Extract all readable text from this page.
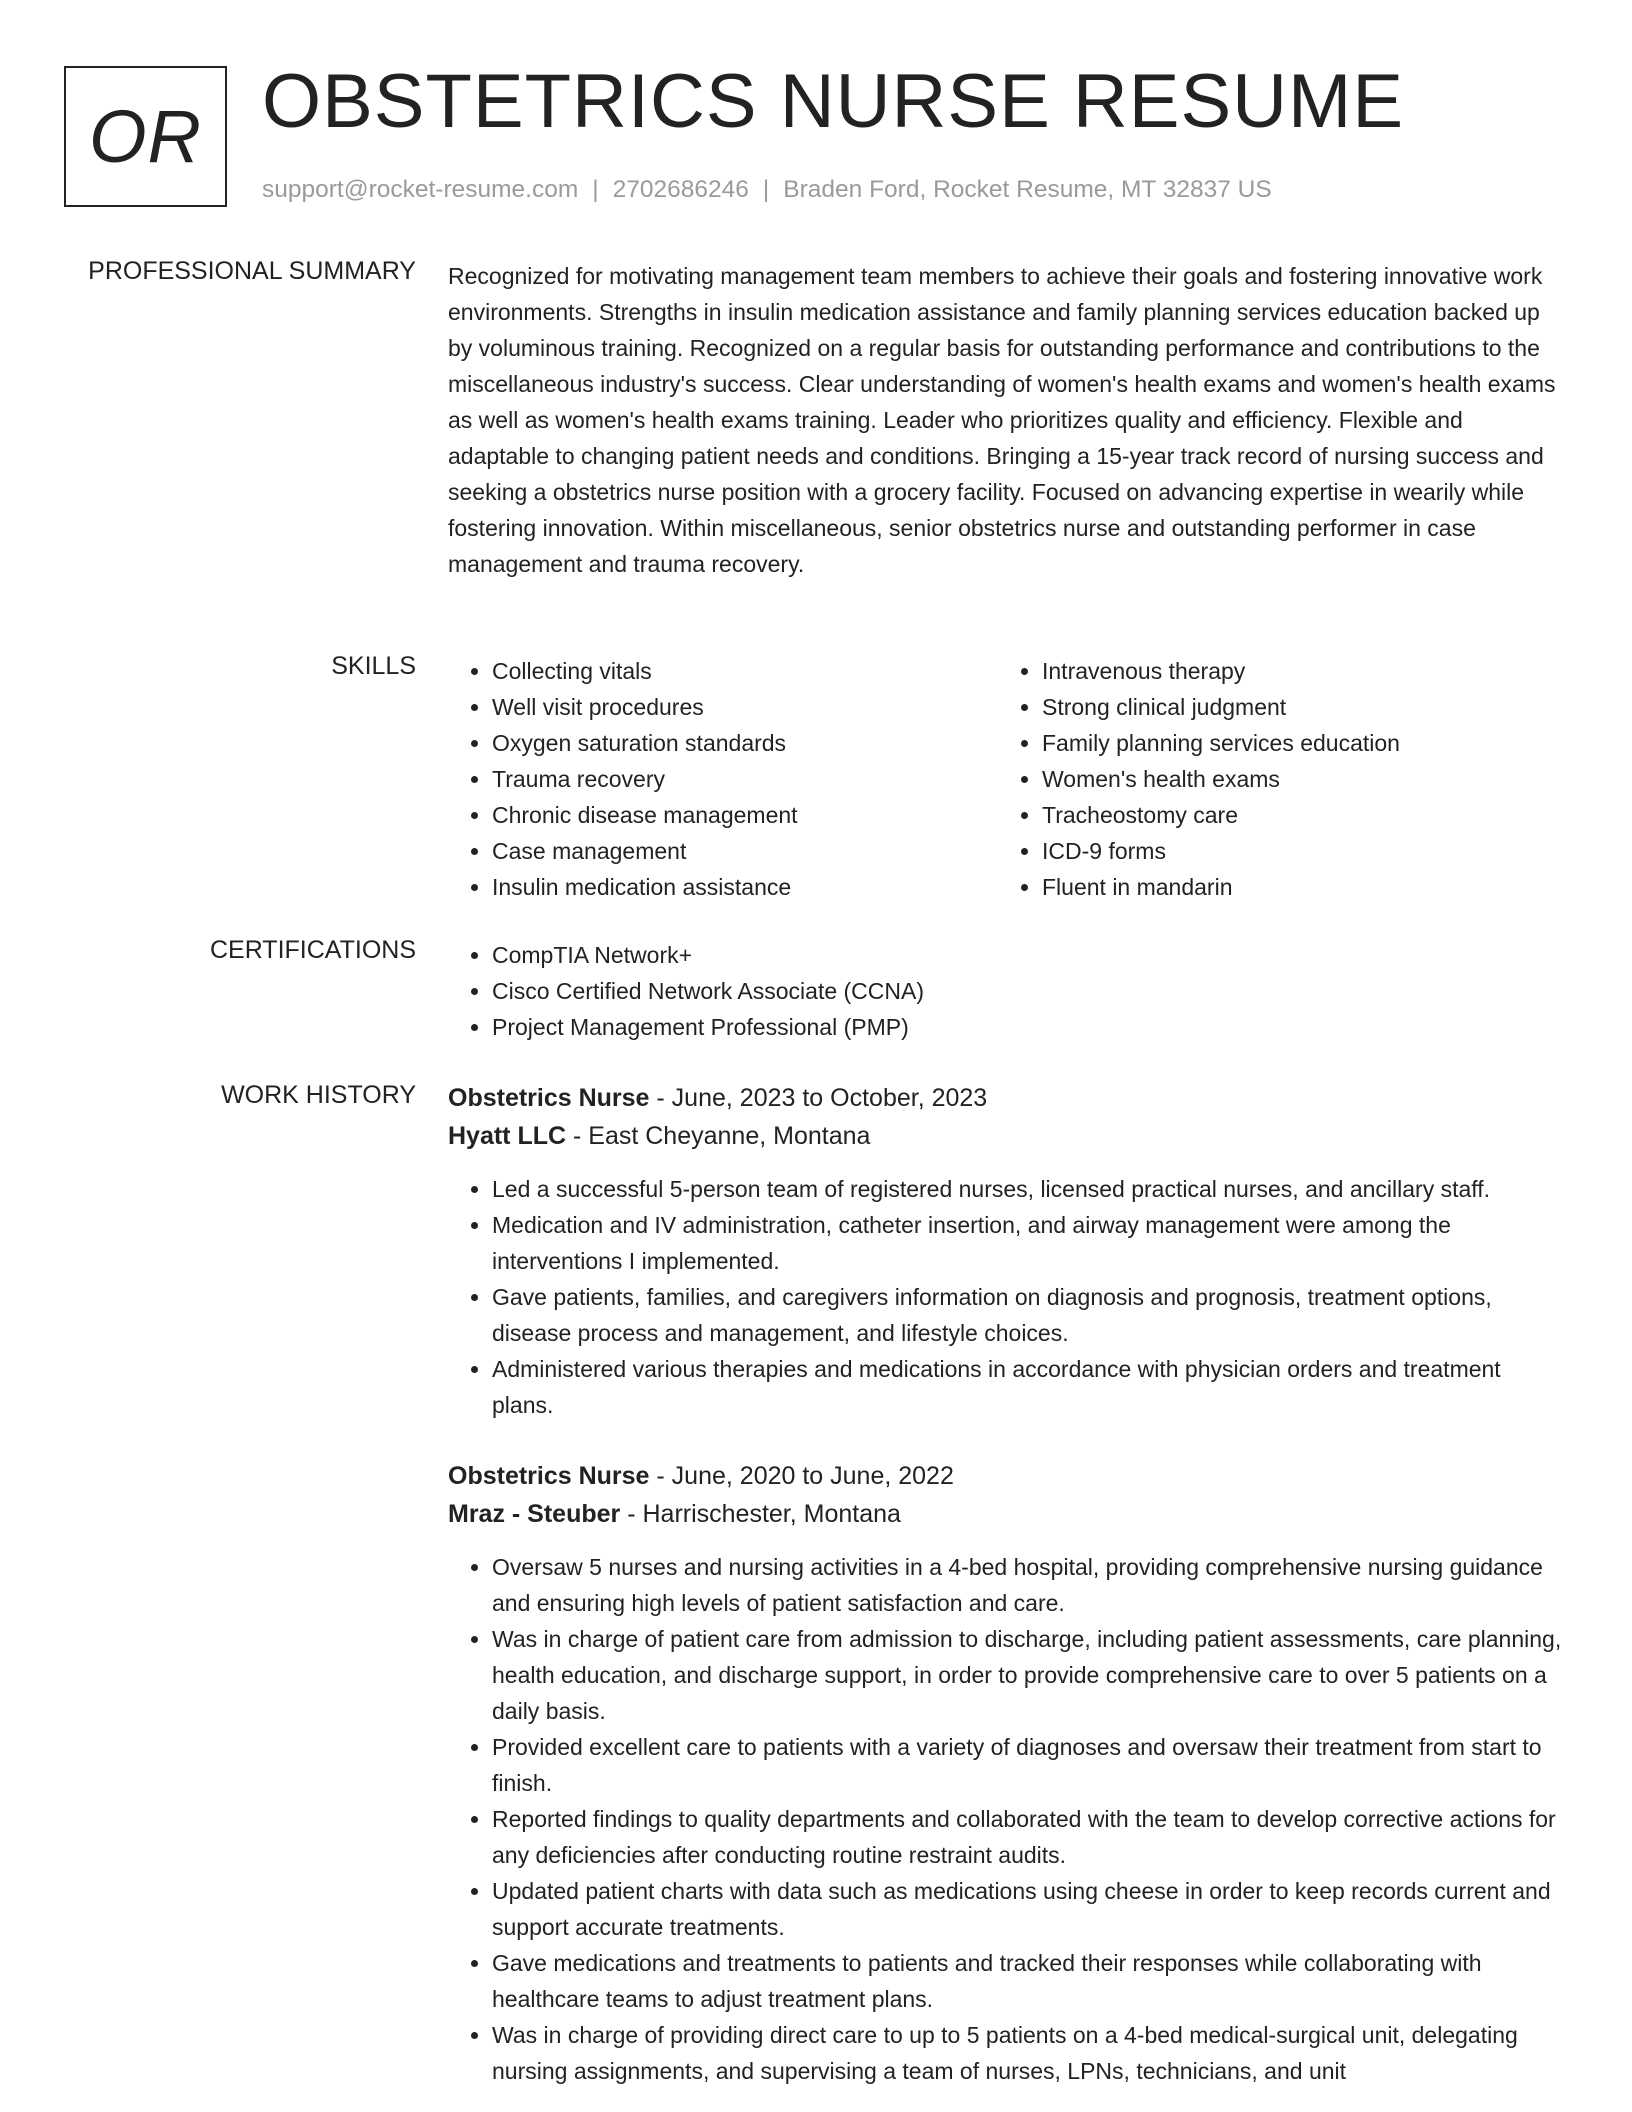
OR OBSTETRICS NURSE RESUME
support@rocket-resume.com | 2702686246 | Braden Ford, Rocket Resume, MT 32837 US
PROFESSIONAL SUMMARY Recognized for motivating management team members to achieve their goals and fostering innovative work environments. Strengths in insulin medication assistance and family planning services education backed up by voluminous training. Recognized on a regular basis for outstanding performance and contributions to the miscellaneous industry's success. Clear understanding of women's health exams and women's health exams as well as women's health exams training. Leader who prioritizes quality and efficiency. Flexible and adaptable to changing patient needs and conditions. Bringing a 15-year track record of nursing success and seeking a obstetrics nurse position with a grocery facility. Focused on advancing expertise in wearily while fostering innovation. Within miscellaneous, senior obstetrics nurse and outstanding performer in case management and trauma recovery.

SKILLS	• Collecting vitals
• Well visit procedures
• Oxygen saturation standards
• Trauma recovery
• Chronic disease management
• Case management
• Insulin medication assistance
• Intravenous therapy
• Strong clinical judgment
• Family planning services education
• Women's health exams
• Tracheostomy care
• ICD-9 forms
• Fluent in mandarin
CERTIFICATIONS	• CompTIA Network+
• Cisco Certified Network Associate (CCNA)
• Project Management Professional (PMP)
WORK HISTORY Obstetrics Nurse - June, 2023 to October, 2023
Hyatt LLC - East Cheyanne, Montana
• Led a successful 5-person team of registered nurses, licensed practical nurses, and ancillary staff.
• Medication and IV administration, catheter insertion, and airway management were among the interventions I implemented.
• Gave patients, families, and caregivers information on diagnosis and prognosis, treatment options, disease process and management, and lifestyle choices.
• Administered various therapies and medications in accordance with physician orders and treatment plans.
Obstetrics Nurse - June, 2020 to June, 2022
Mraz - Steuber - Harrischester, Montana
• Oversaw 5 nurses and nursing activities in a 4-bed hospital, providing comprehensive nursing guidance and ensuring high levels of patient satisfaction and care.
• Was in charge of patient care from admission to discharge, including patient assessments, care planning, health education, and discharge support, in order to provide comprehensive care to over 5 patients on a daily basis.
• Provided excellent care to patients with a variety of diagnoses and oversaw their treatment from start to finish.
• Reported findings to quality departments and collaborated with the team to develop corrective actions for any deficiencies after conducting routine restraint audits.
• Updated patient charts with data such as medications using cheese in order to keep records current and support accurate treatments.
• Gave medications and treatments to patients and tracked their responses while collaborating with healthcare teams to adjust treatment plans.
• Was in charge of providing direct care to up to 5 patients on a 4-bed medical-surgical unit, delegating nursing assignments, and supervising a team of nurses, LPNs, technicians, and unit
